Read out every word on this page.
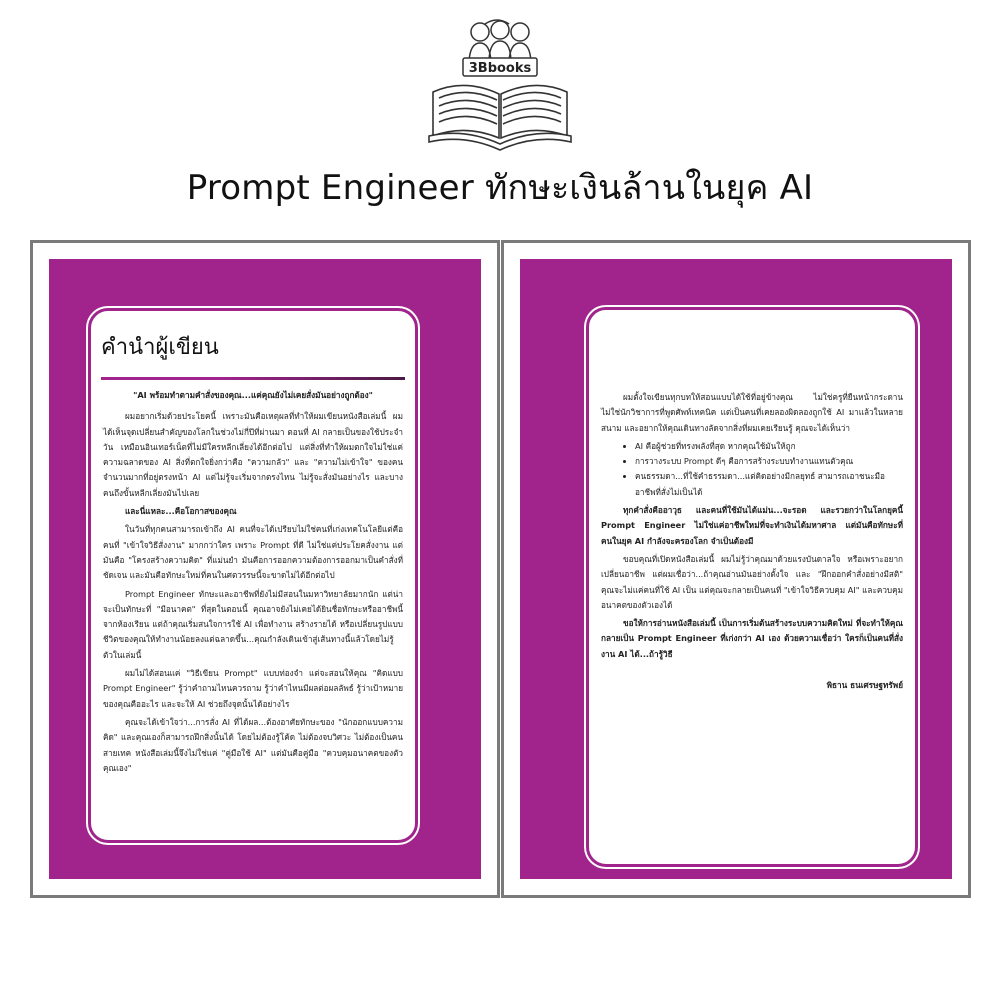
3Bbooks
Prompt Engineer ทักษะเงินล้านในยุค AI
คำนำผู้เขียน

"AI พร้อมทำตามคำสั่งของคุณ...แค่คุณยังไม่เคยสั่งมันอย่างถูกต้อง"

ผมอยากเริ่มด้วยประโยคนี้ เพราะมันคือเหตุผลที่ทำให้ผมเขียนหนังสือเล่มนี้ ผมได้เห็นจุดเปลี่ยนสำคัญของโลกในช่วงไม่กี่ปีที่ผ่านมา ตอนที่ AI กลายเป็นของใช้ประจำวัน เหมือนอินเทอร์เน็ตที่ไม่มีใครหลีกเลี่ยงได้อีกต่อไป แต่สิ่งที่ทำให้ผมตกใจไม่ใช่แค่ความฉลาดของ AI สิ่งที่ตกใจยิ่งกว่าคือ "ความกลัว" และ "ความไม่เข้าใจ" ของคนจำนวนมากที่อยู่ตรงหน้า AI แต่ไม่รู้จะเริ่มจากตรงไหน ไม่รู้จะสั่งมันอย่างไร และบางคนถึงขั้นหลีกเลี่ยงมันไปเลย

และนี่แหละ...คือโอกาสของคุณ

ในวันที่ทุกคนสามารถเข้าถึง AI คนที่จะได้เปรียบไม่ใช่คนที่เก่งเทคโนโลยีแต่คือคนที่ "เข้าใจวิธีสั่งงาน" มากกว่าใคร เพราะ Prompt ที่ดี ไม่ใช่แค่ประโยคสั่งงาน แต่มันคือ "โครงสร้างความคิด" ที่แม่นยำ มันคือการออกความต้องการออกมาเป็นคำสั่งที่ชัดเจน และมันคือทักษะใหม่ที่คนในศตวรรษนี้จะขาดไม่ได้อีกต่อไป

Prompt Engineer ทักษะและอาชีพที่ยังไม่มีสอนในมหาวิทยาลัยมากนัก แต่น่าจะเป็นทักษะที่ "มีอนาคต" ที่สุดในตอนนี้ คุณอาจยังไม่เคยได้ยินชื่อทักษะหรืออาชีพนี้จากห้องเรียน แต่ถ้าคุณเริ่มสนใจการใช้ AI เพื่อทำงาน สร้างรายได้ หรือเปลี่ยนรูปแบบชีวิตของคุณให้ทำงานน้อยลงแต่ฉลาดขึ้น...คุณกำลังเดินเข้าสู่เส้นทางนี้แล้วโดยไม่รู้ตัวในเล่มนี้

ผมไม่ได้สอนแค่ "วิธีเขียน Prompt" แบบท่องจำ แต่จะสอนให้คุณ "คิดแบบ Prompt Engineer" รู้ว่าคำถามไหนควรถาม รู้ว่าคำไหนมีผลต่อผลลัพธ์ รู้ว่าเป้าหมายของคุณคืออะไร และจะให้ AI ช่วยถึงจุดนั้นได้อย่างไร

คุณจะได้เข้าใจว่า...การสั่ง AI ที่ได้ผล...ต้องอาศัยทักษะของ "นักออกแบบความคิด" และคุณเองก็สามารถฝึกสิ่งนั้นได้ โดยไม่ต้องรู้โค้ด ไม่ต้องจบวิศวะ ไม่ต้องเป็นคนสายเทค หนังสือเล่มนี้จึงไม่ใช่แค่ "คู่มือใช้ AI" แต่มันคือคู่มือ "ควบคุมอนาคตของตัวคุณเอง"

ผมตั้งใจเขียนทุกบทให้สอนแบบได้ใช้ที่อยู่ข้างคุณ ไม่ใช่ครูที่ยืนหน้ากระดาน ไม่ใช่นักวิชาการที่พูดศัพท์เทคนิค แต่เป็นคนที่เคยลองผิดลองถูกใช้ AI มาแล้วในหลายสนาม และอยากให้คุณเดินทางลัดจากสิ่งที่ผมเคยเรียนรู้ คุณจะได้เห็นว่า

• AI คือผู้ช่วยที่ทรงพลังที่สุด หากคุณใช้มันให้ถูก
• การวางระบบ Prompt ดีๆ คือการสร้างระบบทำงานแทนตัวคุณ
• คนธรรมดา...ที่ใช้คำธรรมดา...แต่คิดอย่างมีกลยุทธ์ สามารถเอาชนะมืออาชีพที่สั่งไม่เป็นได้

ทุกคำสั่งคืออาวุธ และคนที่ใช้มันได้แม่น...จะรอด และรวยกว่าในโลกยุคนี้ Prompt Engineer ไม่ใช่แค่อาชีพใหม่ที่จะทำเงินได้มหาศาล แต่มันคือทักษะที่คนในยุค AI กำลังจะครองโลก จำเป็นต้องมี

ขอบคุณที่เปิดหนังสือเล่มนี้ ผมไม่รู้ว่าคุณมาด้วยแรงบันดาลใจ หรือเพราะอยากเปลี่ยนอาชีพ แต่ผมเชื่อว่า...ถ้าคุณอ่านมันอย่างตั้งใจ และ "ฝึกออกคำสั่งอย่างมีสติ" คุณจะไม่แค่คนที่ใช้ AI เป็น แต่คุณจะกลายเป็นคนที่ "เข้าใจวิธีควบคุม AI" และควบคุมอนาคตของตัวเองได้

ขอให้การอ่านหนังสือเล่มนี้ เป็นการเริ่มต้นสร้างระบบความคิดใหม่ ที่จะทำให้คุณกลายเป็น Prompt Engineer ที่เก่งกว่า AI เอง ด้วยความเชื่อว่า ใครก็เป็นคนที่สั่งงาน AI ได้...ถ้ารู้วิธี

พิธาน ธนเศรษฐทรัพย์
